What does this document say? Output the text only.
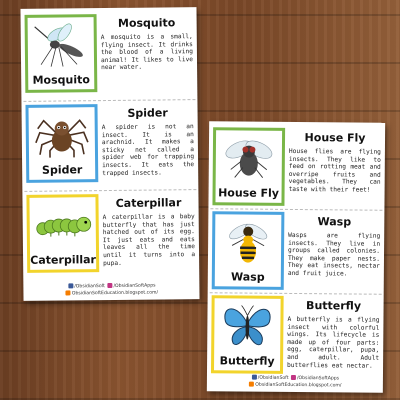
Mosquito
Mosquito
A mosquito is a small, flying insect. It drinks the blood of a living animal! It likes to live near water.
Spider
Spider
A spider is not an insect. It is an arachnid. It makes a sticky net called a spider web for trapping insects. It eats the trapped insects.
Caterpillar
Caterpillar
A caterpillar is a baby butterfly that has just hatched out of its egg. It just eats and eats leaves all the time until it turns into a pupa.
/ObsidianSoft /ObsidianSoftApps
ObsidianSoftEducation.blogspot.com/
House Fly
House Fly
House flies are flying insects. They like to feed on rotting meat and overripe fruits and vegetables. They can taste with their feet!
Wasp
Wasp
Wasps are flying insects. They live in groups called colonies. They make paper nests. They eat insects, nectar and fruit juice.
Butterfly
Butterfly
A butterfly is a flying insect with colorful wings. Its lifecycle is made up of four parts: egg, caterpillar, pupa, and adult. Adult butterflies eat nectar.
/ObsidianSoft /ObsidianSoftApps
ObsidianSoftEducation.blogspot.com/
